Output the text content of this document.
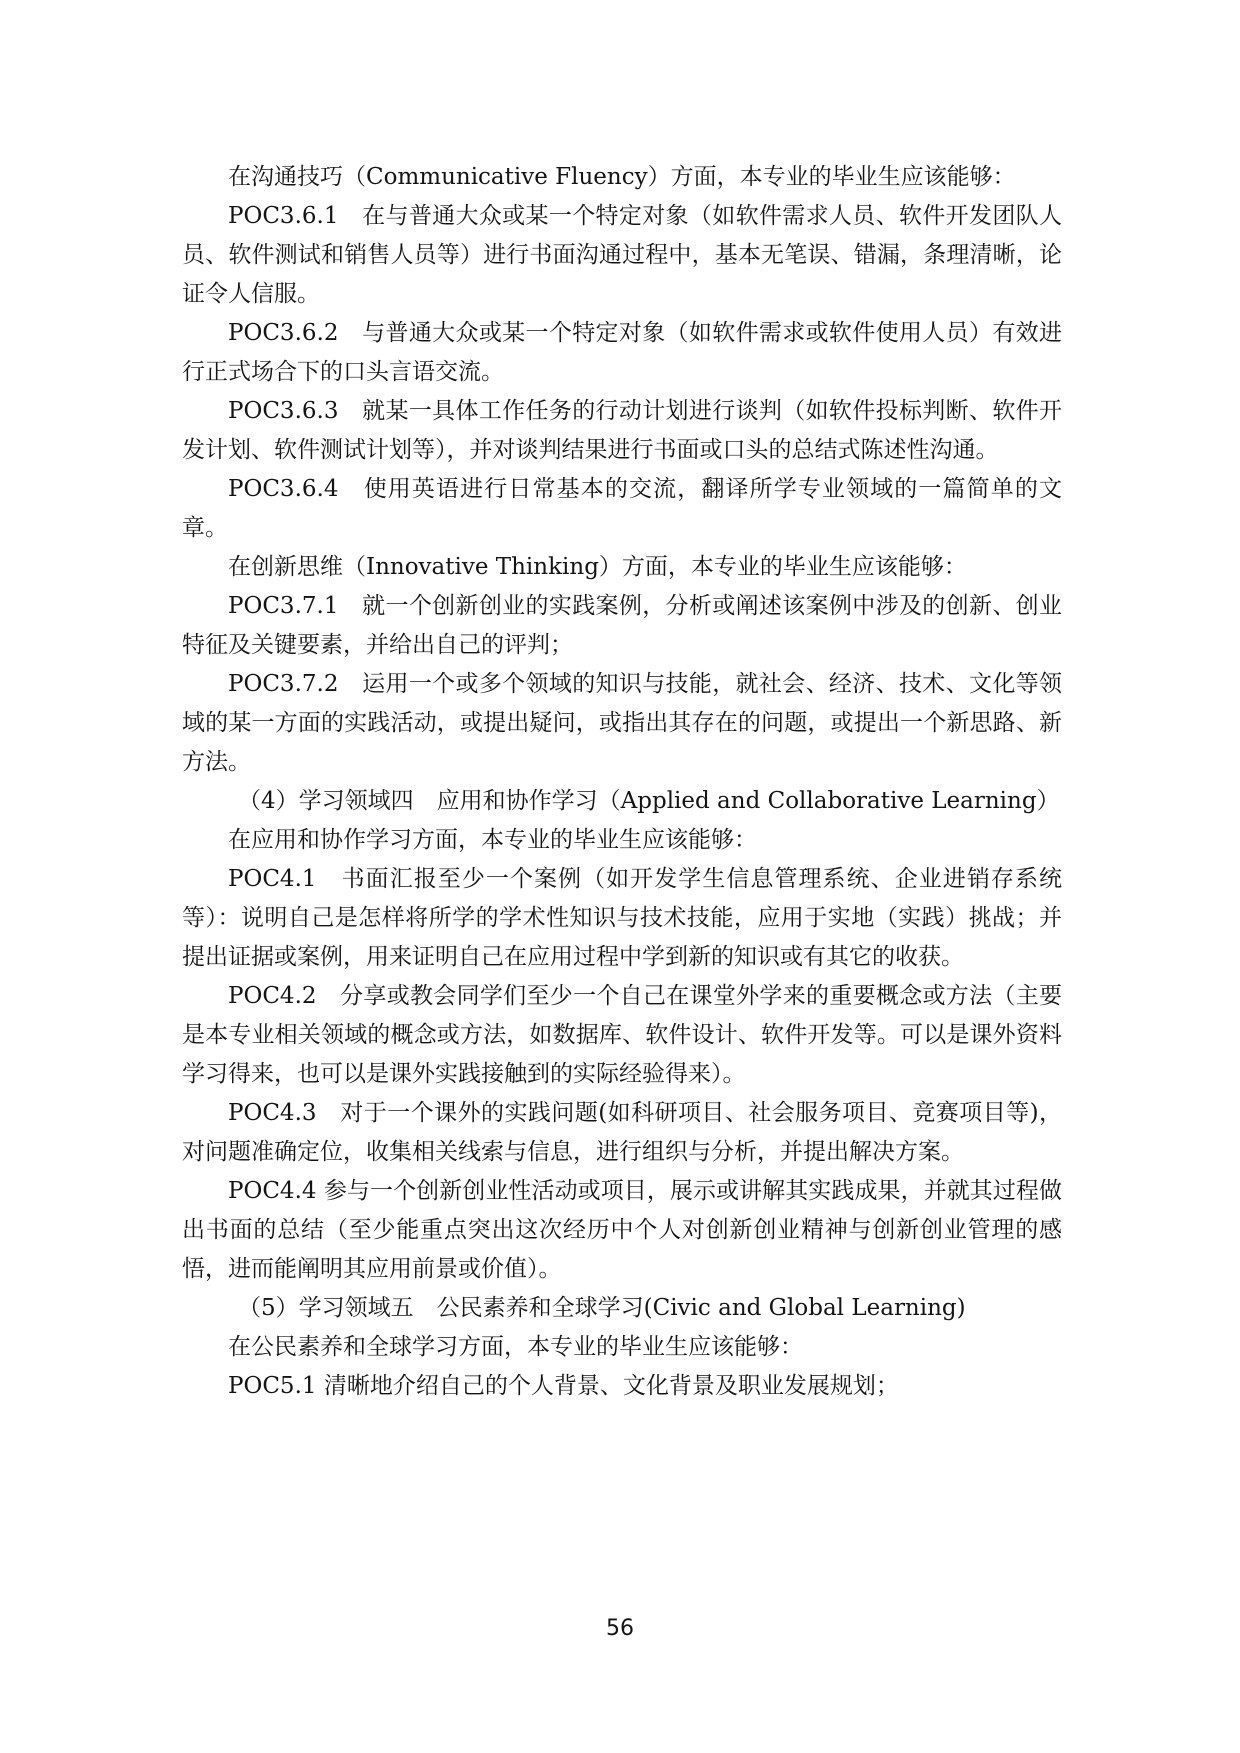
在沟通技巧（Communicative Fluency）方面，本专业的毕业生应该能够：

POC3.6.1　在与普通大众或某一个特定对象（如软件需求人员、软件开发团队人员、软件测试和销售人员等）进行书面沟通过程中，基本无笔误、错漏，条理清晰，论证令人信服。

POC3.6.2　与普通大众或某一个特定对象（如软件需求或软件使用人员）有效进行正式场合下的口头言语交流。

POC3.6.3　就某一具体工作任务的行动计划进行谈判（如软件投标判断、软件开发计划、软件测试计划等），并对谈判结果进行书面或口头的总结式陈述性沟通。

POC3.6.4　使用英语进行日常基本的交流，翻译所学专业领域的一篇简单的文章。

在创新思维（Innovative Thinking）方面，本专业的毕业生应该能够：

POC3.7.1　就一个创新创业的实践案例，分析或阐述该案例中涉及的创新、创业特征及关键要素，并给出自己的评判；

POC3.7.2　运用一个或多个领域的知识与技能，就社会、经济、技术、文化等领域的某一方面的实践活动，或提出疑问，或指出其存在的问题，或提出一个新思路、新方法。

（4）学习领域四　应用和协作学习（Applied and Collaborative Learning）

在应用和协作学习方面，本专业的毕业生应该能够：

POC4.1　书面汇报至少一个案例（如开发学生信息管理系统、企业进销存系统等）：说明自己是怎样将所学的学术性知识与技术技能，应用于实地（实践）挑战；并提出证据或案例，用来证明自己在应用过程中学到新的知识或有其它的收获。

POC4.2　分享或教会同学们至少一个自己在课堂外学来的重要概念或方法（主要是本专业相关领域的概念或方法，如数据库、软件设计、软件开发等。可以是课外资料学习得来，也可以是课外实践接触到的实际经验得来）。

POC4.3　对于一个课外的实践问题(如科研项目、社会服务项目、竞赛项目等)，对问题准确定位，收集相关线索与信息，进行组织与分析，并提出解决方案。

POC4.4 参与一个创新创业性活动或项目，展示或讲解其实践成果，并就其过程做出书面的总结（至少能重点突出这次经历中个人对创新创业精神与创新创业管理的感悟，进而能阐明其应用前景或价值）。

（5）学习领域五　公民素养和全球学习(Civic and Global Learning)

在公民素养和全球学习方面，本专业的毕业生应该能够：

POC5.1 清晰地介绍自己的个人背景、文化背景及职业发展规划；

56
